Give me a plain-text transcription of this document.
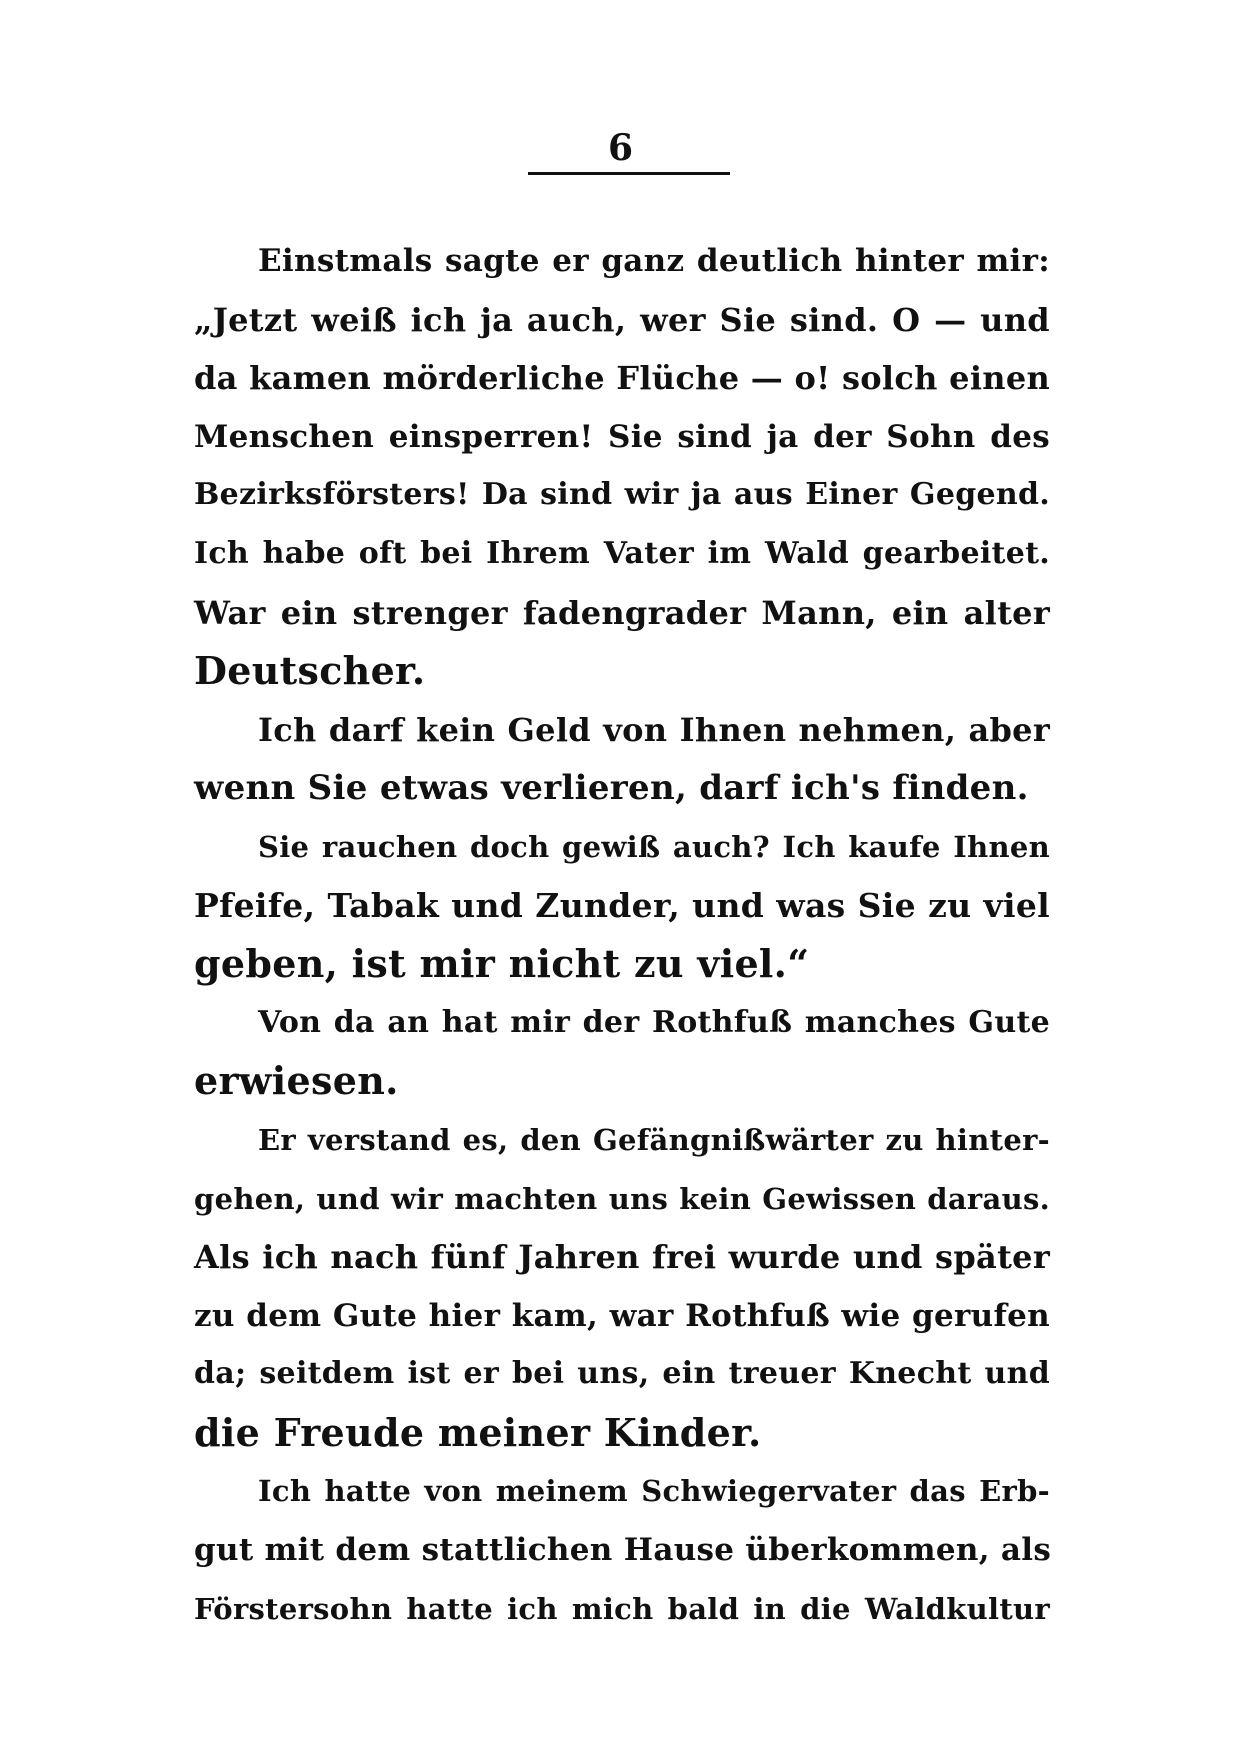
6
Einstmals sagte er ganz deutlich hinter mir:
„Jetzt weiß ich ja auch, wer Sie sind. O — und
da kamen mörderliche Flüche — o! solch einen
Menschen einsperren! Sie sind ja der Sohn des
Bezirksförsters! Da sind wir ja aus Einer Gegend.
Ich habe oft bei Ihrem Vater im Wald gearbeitet.
War ein strenger fadengrader Mann, ein alter
Deutscher.
Ich darf kein Geld von Ihnen nehmen, aber
wenn Sie etwas verlieren, darf ich's finden.
Sie rauchen doch gewiß auch? Ich kaufe Ihnen
Pfeife, Tabak und Zunder, und was Sie zu viel
geben, ist mir nicht zu viel.“
Von da an hat mir der Rothfuß manches Gute
erwiesen.
Er verstand es, den Gefängnißwärter zu hinter-
gehen, und wir machten uns kein Gewissen daraus.
Als ich nach fünf Jahren frei wurde und später
zu dem Gute hier kam, war Rothfuß wie gerufen
da; seitdem ist er bei uns, ein treuer Knecht und
die Freude meiner Kinder.
Ich hatte von meinem Schwiegervater das Erb-
gut mit dem stattlichen Hause überkommen, als
Förstersohn hatte ich mich bald in die Waldkultur
